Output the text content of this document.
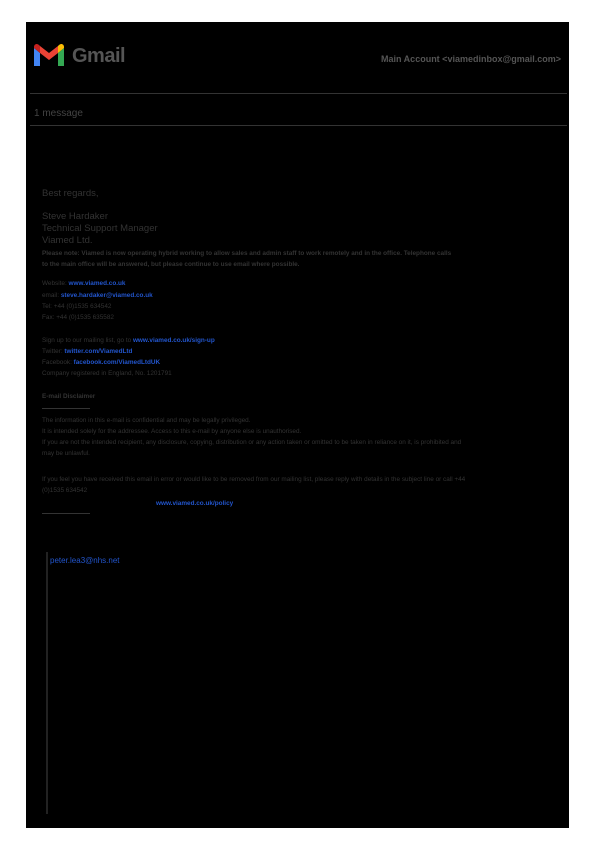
Gmail	Main Account <viamedinbox@gmail.com>
1 message
Best regards,
Steve Hardaker
Technical Support Manager
Viamed Ltd.
Please note: Viamed is now operating hybrid working to allow sales and admin staff to work remotely and in the office. Telephone calls
to the main office will be answered, but please continue to use email where possible.
Website: www.viamed.co.uk
email: steve.hardaker@viamed.co.uk
Tel: +44 (0)1535 634542
Fax: +44 (0)1535 635582
Sign up to our mailing list, go to www.viamed.co.uk/sign-up
Twitter: twitter.com/ViamedLtd
Facebook: facebook.com/ViamedLtdUK
Company registered in England, No. 1201791
E-mail Disclaimer
The information in this e-mail is confidential and may be legally privileged.
It is intended solely for the addressee. Access to this e-mail by anyone else is unauthorised.
If you are not the intended recipient, any disclosure, copying, distribution or any action taken or omitted to be taken in reliance on it, is prohibited and
may be unlawful.
If you feel you have received this email in error or would like to be removed from our mailing list, please reply with details in the subject line or call +44
(0)1535 634542
www.viamed.co.uk/policy
peter.lea3@nhs.net
